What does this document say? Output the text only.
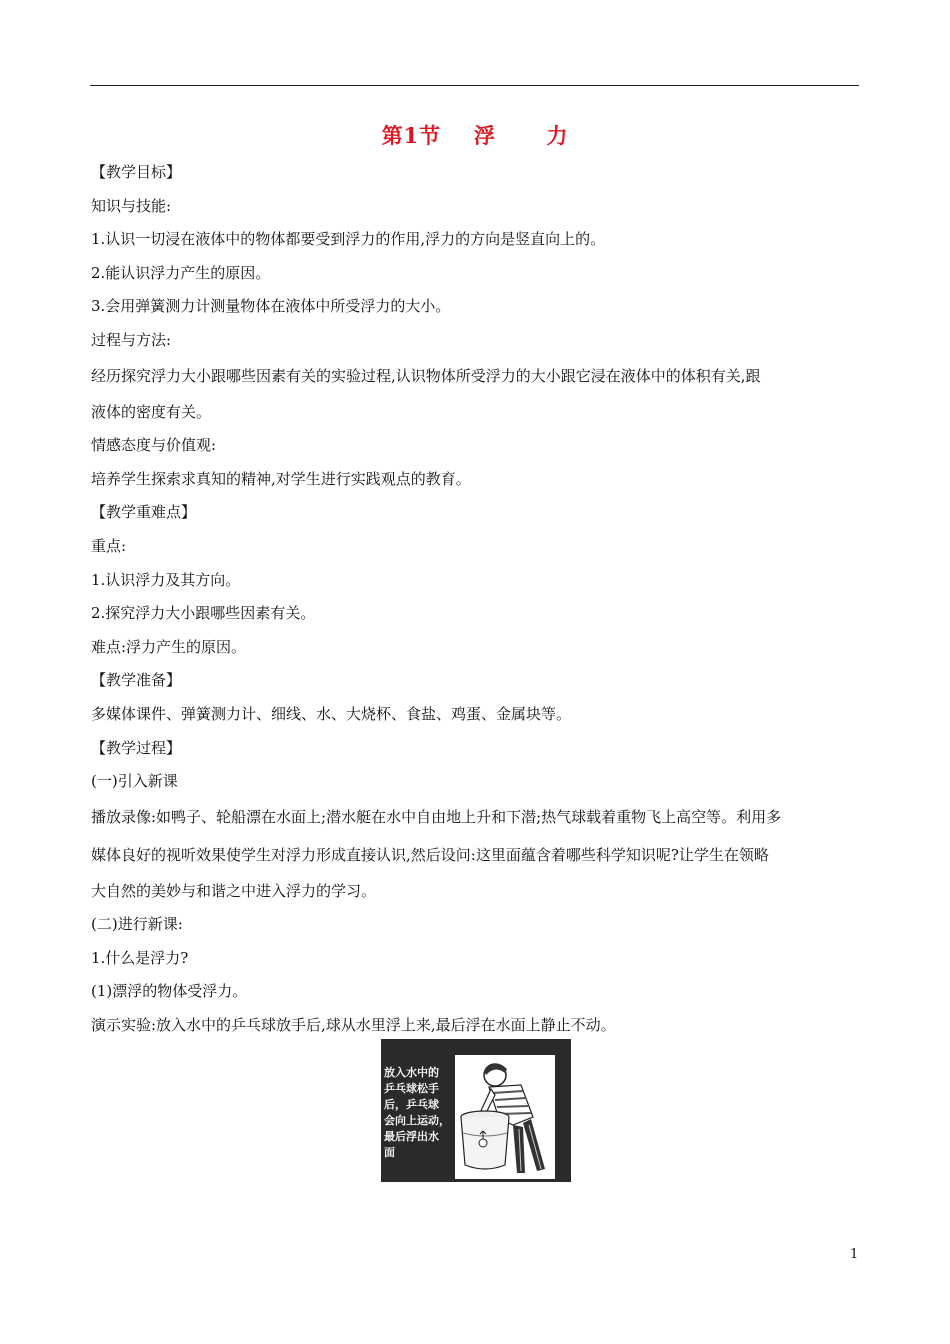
第1节 浮 力
【教学目标】
知识与技能:
1.认识一切浸在液体中的物体都要受到浮力的作用,浮力的方向是竖直向上的。
2.能认识浮力产生的原因。
3.会用弹簧测力计测量物体在液体中所受浮力的大小。
过程与方法:
经历探究浮力大小跟哪些因素有关的实验过程,认识物体所受浮力的大小跟它浸在液体中的体积有关,跟
液体的密度有关。
情感态度与价值观:
培养学生探索求真知的精神,对学生进行实践观点的教育。
【教学重难点】
重点:
1.认识浮力及其方向。
2.探究浮力大小跟哪些因素有关。
难点:浮力产生的原因。
【教学准备】
多媒体课件、弹簧测力计、细线、水、大烧杯、食盐、鸡蛋、金属块等。
【教学过程】
(一)引入新课
播放录像:如鸭子、轮船漂在水面上;潜水艇在水中自由地上升和下潜;热气球载着重物飞上高空等。利用多
媒体良好的视听效果使学生对浮力形成直接认识,然后设问:这里面蕴含着哪些科学知识呢?让学生在领略
大自然的美妙与和谐之中进入浮力的学习。
(二)进行新课:
1.什么是浮力?
(1)漂浮的物体受浮力。
演示实验:放入水中的乒乓球放手后,球从水里浮上来,最后浮在水面上静止不动。
放入水中的
乒乓球松手
后，乒乓球
会向上运动，
最后浮出水
面
1
